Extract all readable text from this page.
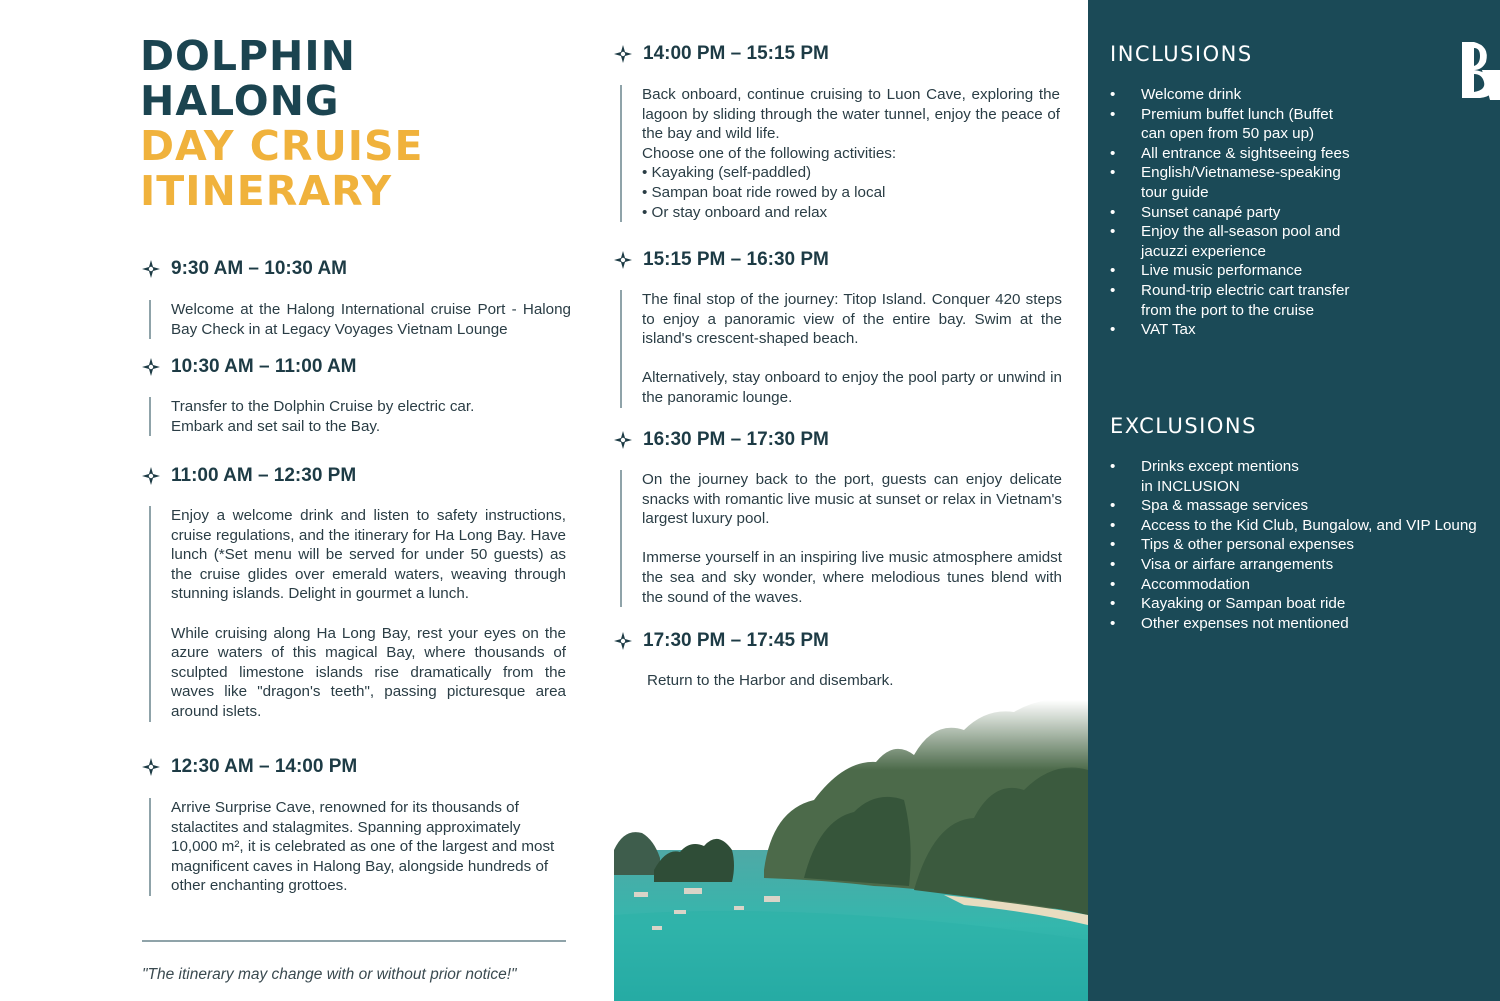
DOLPHIN
HALONG
DAY CRUISE
ITINERARY
9:30 AM – 10:30 AM

Welcome at the Halong International cruise Port - Halong Bay Check in at Legacy Voyages Vietnam Lounge

10:30 AM – 11:00 AM

Transfer to the Dolphin Cruise by electric car. Embark and set sail to the Bay.

11:00 AM – 12:30 PM

Enjoy a welcome drink and listen to safety instructions, cruise regulations, and the itinerary for Ha Long Bay. Have lunch (*Set menu will be served for under 50 guests) as the cruise glides over emerald waters, weaving through stunning islands. Delight in gourmet a lunch.

While cruising along Ha Long Bay, rest your eyes on the azure waters of this magical Bay, where thousands of sculpted limestone islands rise dramatically from the waves like "dragon's teeth", passing picturesque area around islets.

12:30 AM – 14:00 PM

Arrive Surprise Cave, renowned for its thousands of stalactites and stalagmites. Spanning approximately 10,000 m², it is celebrated as one of the largest and most magnificent caves in Halong Bay, alongside hundreds of other enchanting grottoes.

"The itinerary may change with or without prior notice!"
14:00 PM – 15:15 PM

Back onboard, continue cruising to Luon Cave, exploring the lagoon by sliding through the water tunnel, enjoy the peace of the bay and wild life.

Choose one of the following activities:

• Kayaking (self-paddled)
• Sampan boat ride rowed by a local
• Or stay onboard and relax
15:15 PM – 16:30 PM

The final stop of the journey: Titop Island. Conquer 420 steps to enjoy a panoramic view of the entire bay. Swim at the island's crescent-shaped beach.

Alternatively, stay onboard to enjoy the pool party or unwind in the panoramic lounge.

16:30 PM – 17:30 PM

On the journey back to the port, guests can enjoy delicate snacks with romantic live music at sunset or relax in Vietnam's largest luxury pool.

Immerse yourself in an inspiring live music atmosphere amidst the sea and sky wonder, where melodious tunes blend with the sound of the waves.

17:30 PM – 17:45 PM

Return to the Harbor and disembark.

INCLUSIONS
• Welcome drink
• Premium buffet lunch (Buffet
can open from 50 pax up)
• All entrance & sightseeing fees
• English/Vietnamese-speaking
tour guide
• Sunset canapé party
• Enjoy the all-season pool and
jacuzzi experience
• Live music performance
• Round-trip electric cart transfer
from the port to the cruise
• VAT Tax
EXCLUSIONS
• Drinks except mentions
in INCLUSION
• Spa & massage services
• Access to the Kid Club, Bungalow, and VIP Loung
• Tips & other personal expenses
• Visa or airfare arrangements
• Accommodation
• Kayaking or Sampan boat ride
• Other expenses not mentioned
